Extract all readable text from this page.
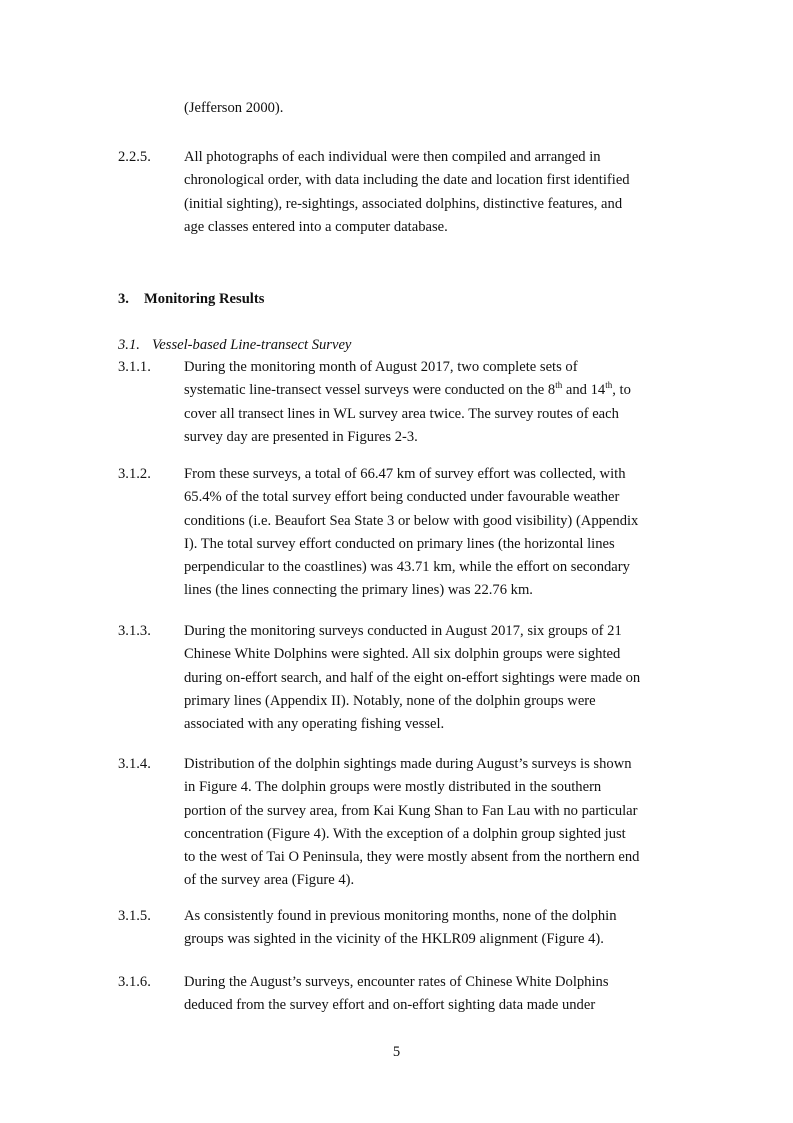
(Jefferson 2000).
2.2.5. All photographs of each individual were then compiled and arranged in
chronological order, with data including the date and location first identified
(initial sighting), re-sightings, associated dolphins, distinctive features, and
age classes entered into a computer database.
3. Monitoring Results
3.1. Vessel-based Line-transect Survey
3.1.1. During the monitoring month of August 2017, two complete sets of
systematic line-transect vessel surveys were conducted on the 8th and 14th, to
cover all transect lines in WL survey area twice. The survey routes of each
survey day are presented in Figures 2-3.
3.1.2. From these surveys, a total of 66.47 km of survey effort was collected, with
65.4% of the total survey effort being conducted under favourable weather
conditions (i.e. Beaufort Sea State 3 or below with good visibility) (Appendix
I). The total survey effort conducted on primary lines (the horizontal lines
perpendicular to the coastlines) was 43.71 km, while the effort on secondary
lines (the lines connecting the primary lines) was 22.76 km.
3.1.3. During the monitoring surveys conducted in August 2017, six groups of 21
Chinese White Dolphins were sighted. All six dolphin groups were sighted
during on-effort search, and half of the eight on-effort sightings were made on
primary lines (Appendix II). Notably, none of the dolphin groups were
associated with any operating fishing vessel.
3.1.4. Distribution of the dolphin sightings made during August’s surveys is shown
in Figure 4. The dolphin groups were mostly distributed in the southern
portion of the survey area, from Kai Kung Shan to Fan Lau with no particular
concentration (Figure 4). With the exception of a dolphin group sighted just
to the west of Tai O Peninsula, they were mostly absent from the northern end
of the survey area (Figure 4).
3.1.5. As consistently found in previous monitoring months, none of the dolphin
groups was sighted in the vicinity of the HKLR09 alignment (Figure 4).
3.1.6. During the August’s surveys, encounter rates of Chinese White Dolphins
deduced from the survey effort and on-effort sighting data made under
5
